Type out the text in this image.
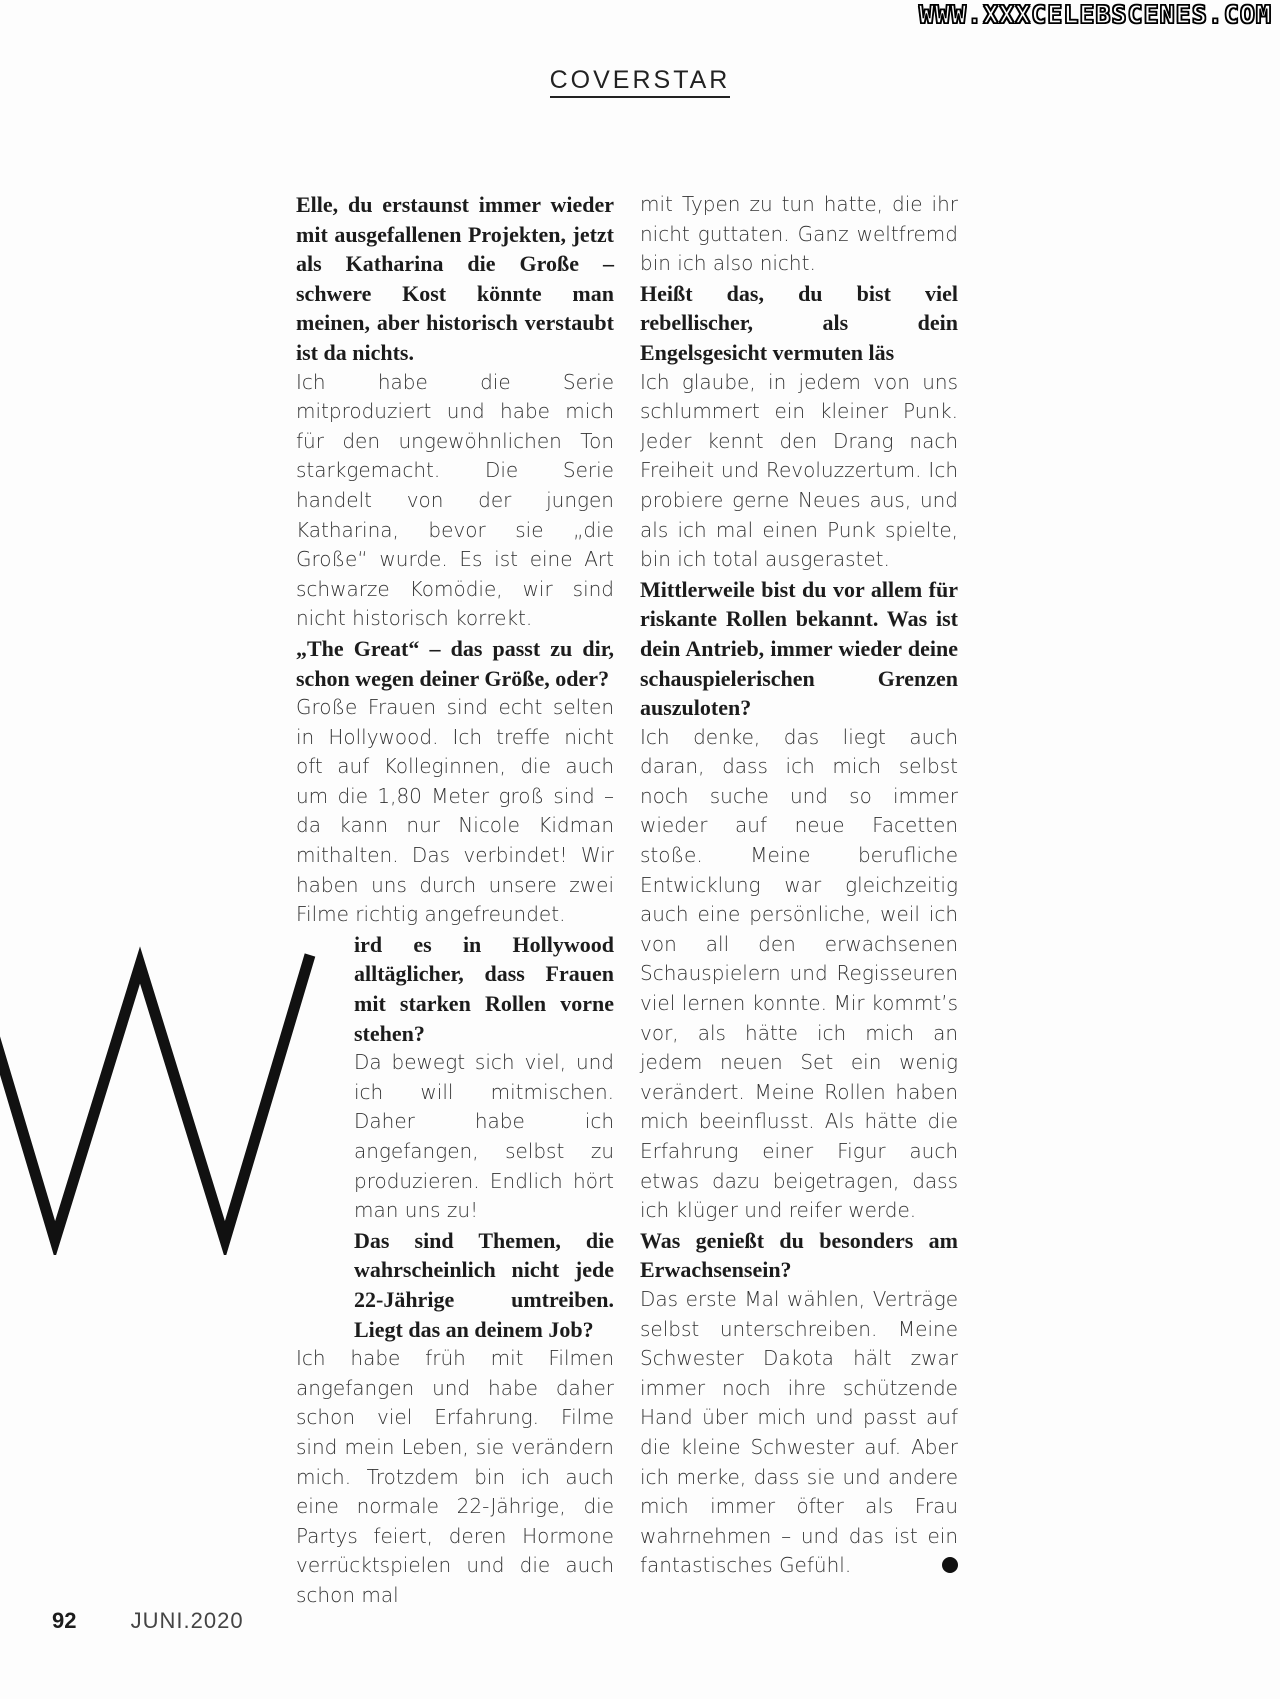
WWW.XXXCELEBSCENES.COM
COVERSTAR

Elle, du erstaunst immer wieder mit ausgefallenen Projekten, jetzt als Katharina die Große – schwere Kost könnte man meinen, aber historisch verstaubt ist da nichts.

Ich habe die Serie mitproduziert und habe mich für den ungewöhnlichen Ton starkgemacht. Die Serie handelt von der jungen Katharina, bevor sie „die Große“ wurde. Es ist eine Art schwarze Komödie, wir sind nicht historisch korrekt.

„The Great“ – das passt zu dir, schon wegen deiner Größe, oder?

Große Frauen sind echt selten in Hollywood. Ich treffe nicht oft auf Kolleginnen, die auch um die 1,80 Meter groß sind – da kann nur Nicole Kidman mithalten. Das verbindet! Wir haben uns durch unsere zwei Filme richtig angefreundet.

ird es in Hollywood alltäglicher, dass Frauen mit starken Rollen vorne stehen?

Da bewegt sich viel, und ich will mitmischen. Daher habe ich angefangen, selbst zu produzieren. Endlich hört man uns zu!

Das sind Themen, die wahrscheinlich nicht jede 22-Jährige umtreiben. Liegt das an deinem Job?

Ich habe früh mit Filmen angefangen und habe daher schon viel Erfahrung. Filme sind mein Leben, sie verändern mich. Trotzdem bin ich auch eine normale 22-Jährige, die Partys feiert, deren Hormone verrücktspielen und die auch schon mal

mit Typen zu tun hatte, die ihr nicht guttaten. Ganz weltfremd bin ich also nicht.

Heißt das, du bist viel rebellischer, als dein Engelsgesicht vermuten läs

Ich glaube, in jedem von uns schlummert ein kleiner Punk. Jeder kennt den Drang nach Freiheit und Revoluzzertum. Ich probiere gerne Neues aus, und als ich mal einen Punk spielte, bin ich total ausgerastet.

Mittlerweile bist du vor allem für riskante Rollen bekannt. Was ist dein Antrieb, immer wieder deine schauspielerischen Grenzen auszuloten?

Ich denke, das liegt auch daran, dass ich mich selbst noch suche und so immer wieder auf neue Facetten stoße. Meine berufliche Entwicklung war gleichzeitig auch eine persönliche, weil ich von all den erwachsenen Schauspielern und Regisseuren viel lernen konnte. Mir kommt’s vor, als hätte ich mich an jedem neuen Set ein wenig verändert. Meine Rollen haben mich beeinflusst. Als hätte die Erfahrung einer Figur auch etwas dazu beigetragen, dass ich klüger und reifer werde.

Was genießt du besonders am Erwachsensein?

Das erste Mal wählen, Verträge selbst unterschreiben. Meine Schwester Dakota hält zwar immer noch ihre schützende Hand über mich und passt auf die kleine Schwester auf. Aber ich merke, dass sie und andere mich immer öfter als Frau wahrnehmen – und das ist ein fantastisches Gefühl.

92 JUNI.2020
